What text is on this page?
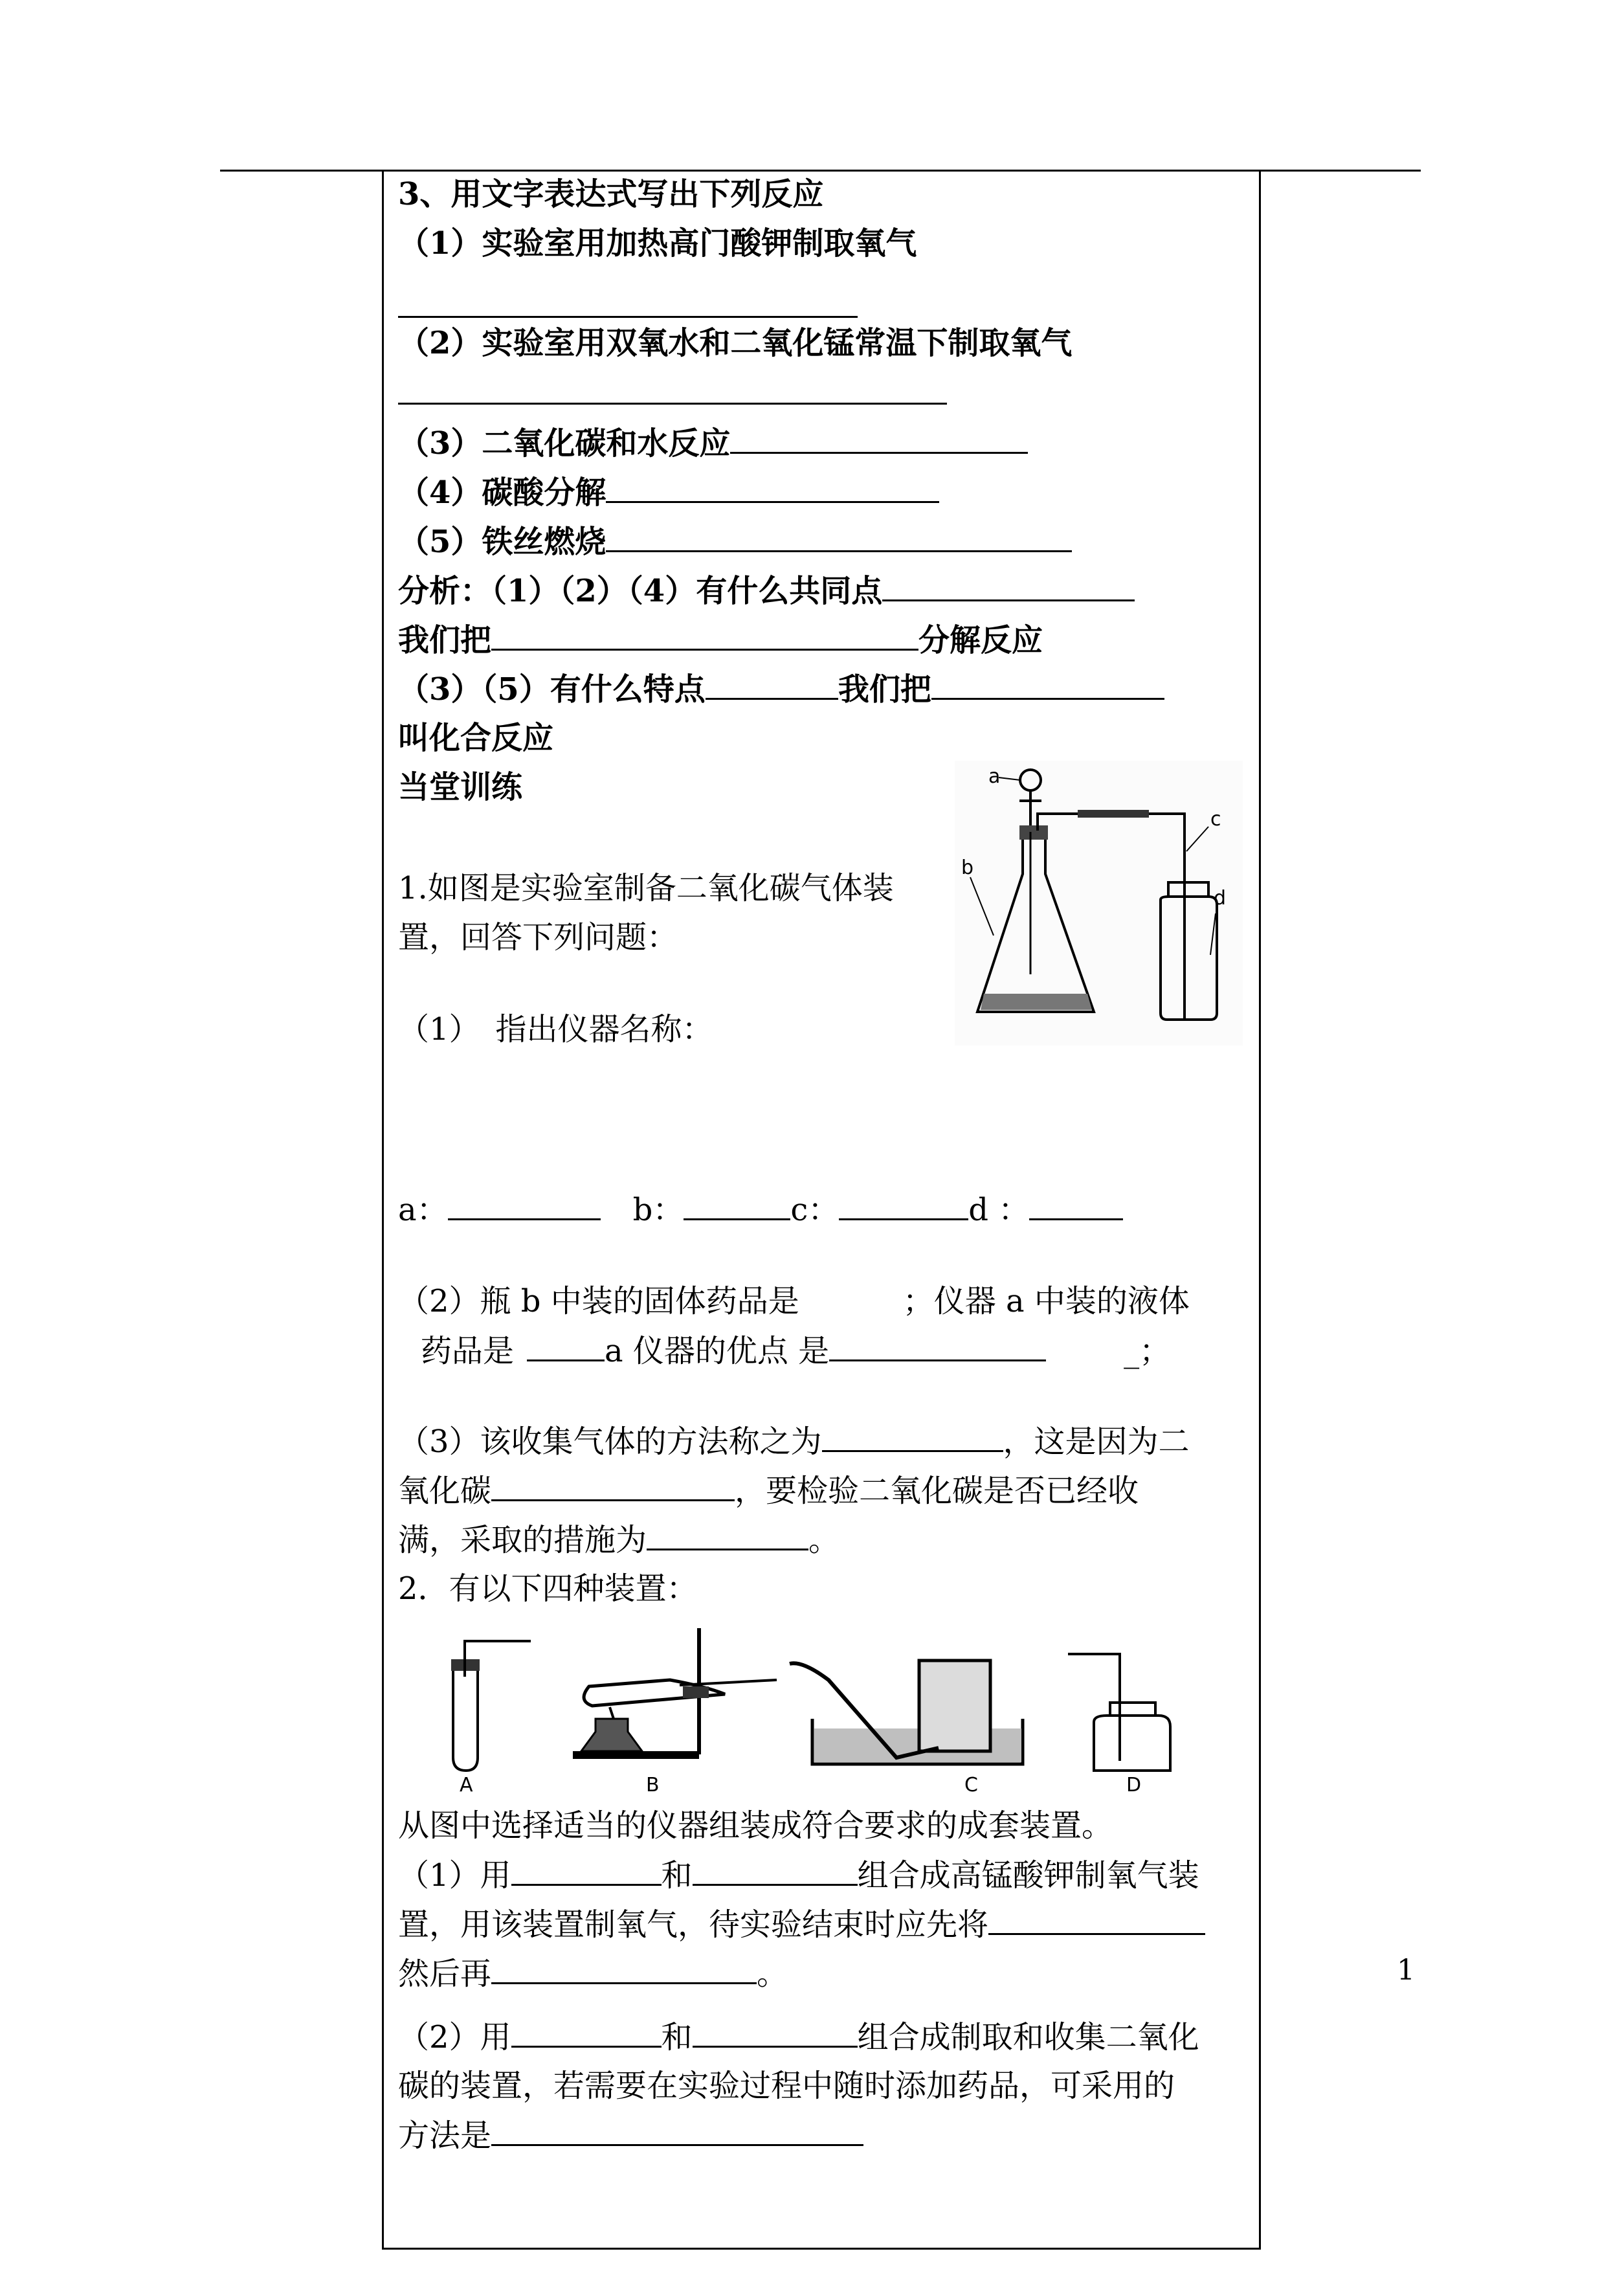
3、用文字表达式写出下列反应
（1）实验室用加热高门酸钾制取氧气
（2）实验室用双氧水和二氧化锰常温下制取氧气
（3）二氧化碳和水反应
（4）碳酸分解
（5）铁丝燃烧
分析：（1）（2）（4）有什么共同点
我们把	分解反应
（3）（5）有什么特点	我们把
叫化合反应
当堂训练
1.如图是实验室制备二氧化碳气体装
置，回答下列问题：
（1）　指出仪器名称：
a
b
c
d
a：	b：	c：	d ：
（2）瓶 b 中装的固体药品是	；仪器 a 中装的液体
药品是	a 仪器的优点 是	_；
（3）该收集气体的方法称之为	，这是因为二
氧化碳	，要检验二氧化碳是否已经收
满，采取的措施为	。
2．有以下四种装置：
A	B	C	D
从图中选择适当的仪器组装成符合要求的成套装置。
（1）用	和	组合成高锰酸钾制氧气装
置，用该装置制氧气，待实验结束时应先将
然后再	。
（2）用	和	组合成制取和收集二氧化
碳的装置，若需要在实验过程中随时添加药品，可采用的
方法是
1
